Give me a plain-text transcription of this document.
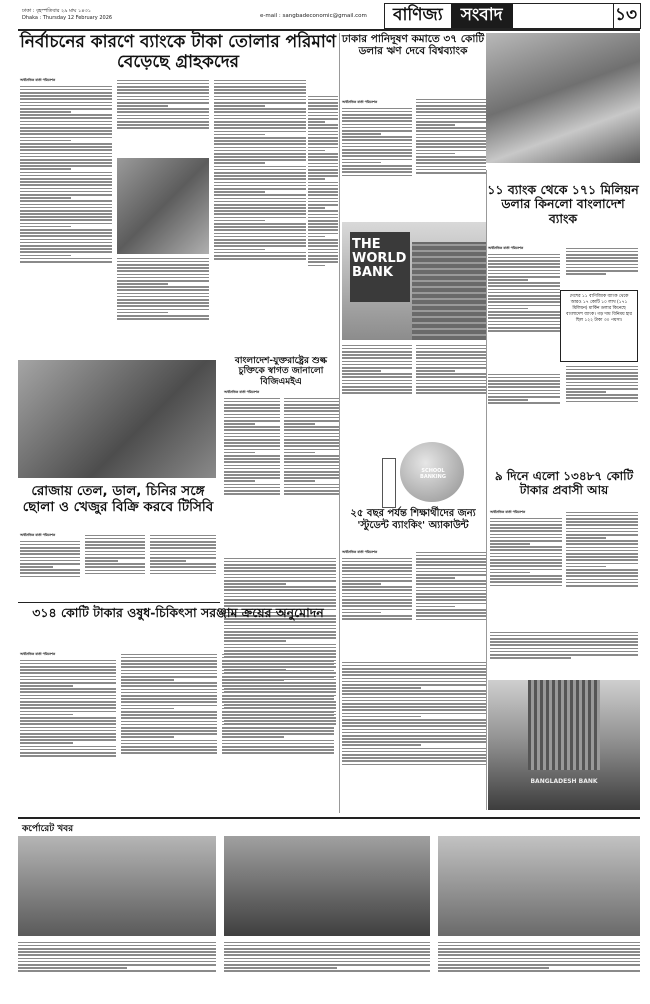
ঢাকা : বৃহস্পতিবার ২৯ মাঘ ১৪৩১
Dhaka : Thursday 12 February 2026	e-mail : sangbadeconomic@gmail.com	বাণিজ্য	সংবাদ	১৩
নির্বাচনের কারণে ব্যাংকে টাকা তোলার পরিমাণ বেড়েছে গ্রাহকদের
অর্থনৈতিক বার্তা পরিবেশক
ঢাকার পানিদূষণ কমাতে ৩৭ কোটি ডলার ঋণ দেবে বিশ্বব্যাংক
অর্থনৈতিক বার্তা পরিবেশক
THE
WORLD
BANK
১১ ব্যাংক থেকে ১৭১ মিলিয়ন ডলার কিনলো বাংলাদেশ ব্যাংক
অর্থনৈতিক বার্তা পরিবেশক
দেশের ১১ বাণিজ্যিক ব্যাংক থেকে আরও ১৭ কোটি ১০ লাখ (১৭১ মিলিয়ন) মার্কিন ডলার কিনেছে বাংলাদেশ ব্যাংক। গড় দাম বিনিময় হার ছিল ১২২ টাকা ৩০ পয়সা।
বাংলাদেশ-যুক্তরাষ্ট্রের শুল্ক চুক্তিকে স্বাগত জানালো বিজিএমইএ
অর্থনৈতিক বার্তা পরিবেশক
রোজায় তেল, ডাল, চিনির সঙ্গে ছোলা ও খেজুর বিক্রি করবে টিসিবি
অর্থনৈতিক বার্তা পরিবেশক
SCHOOL BANKING
২৫ বছর পর্যন্ত শিক্ষার্থীদের জন্য 'স্টুডেন্ট ব্যাংকিং' অ্যাকাউন্ট
অর্থনৈতিক বার্তা পরিবেশক
৯ দিনে এলো ১৩৪৮৭ কোটি টাকার প্রবাসী আয়
অর্থনৈতিক বার্তা পরিবেশক
BANGLADESH BANK
৩১৪ কোটি টাকার ওষুধ-চিকিৎসা সরঞ্জাম ক্রয়ের অনুমোদন
অর্থনৈতিক বার্তা পরিবেশক
কর্পোরেট খবর
